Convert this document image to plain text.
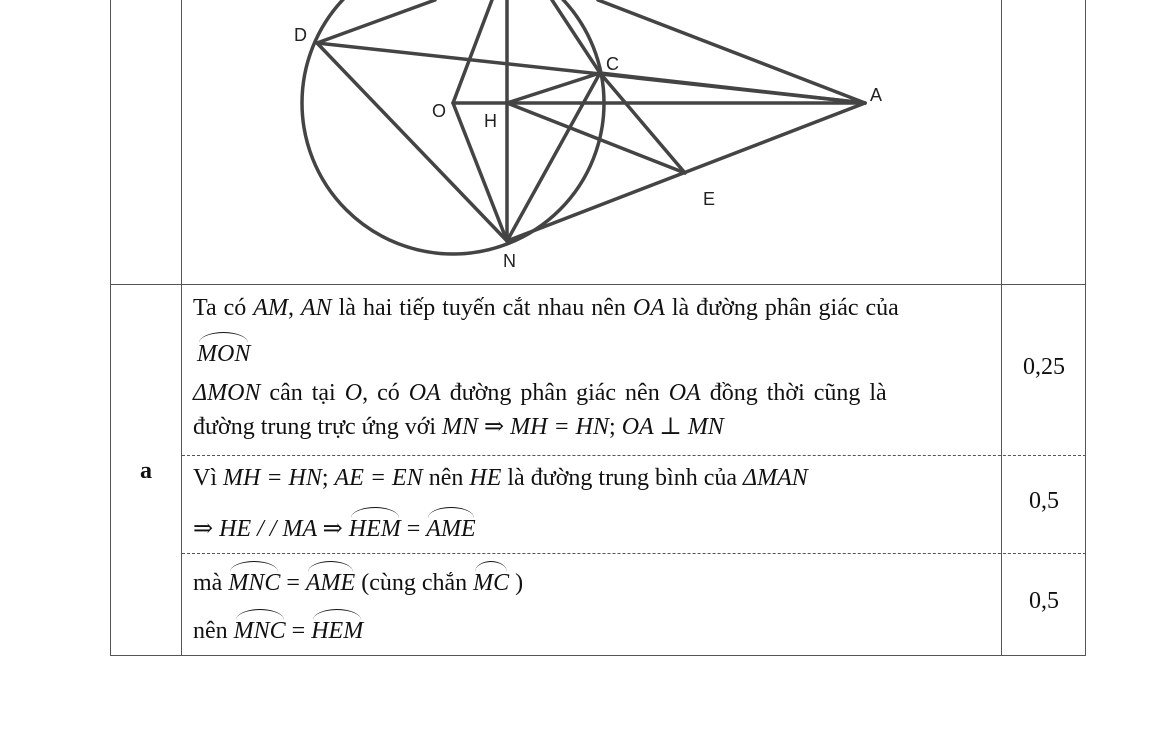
D
C
A
O H
E
N
a
Ta có AM, AN là hai tiếp tuyến cắt nhau nên OA là đường phân giác của
MON
ΔMON cân tại O, có OA đường phân giác nên OA đồng thời cũng là
đường trung trực ứng với MN ⇒ MH = HN; OA ⊥ MN
0,25
Vì MH = HN; AE = EN nên HE là đường trung bình của ΔMAN
⇒ HE / / MA ⇒ HEM = AME
0,5
mà MNC = AME (cùng chắn MC )
nên MNC = HEM
0,5
